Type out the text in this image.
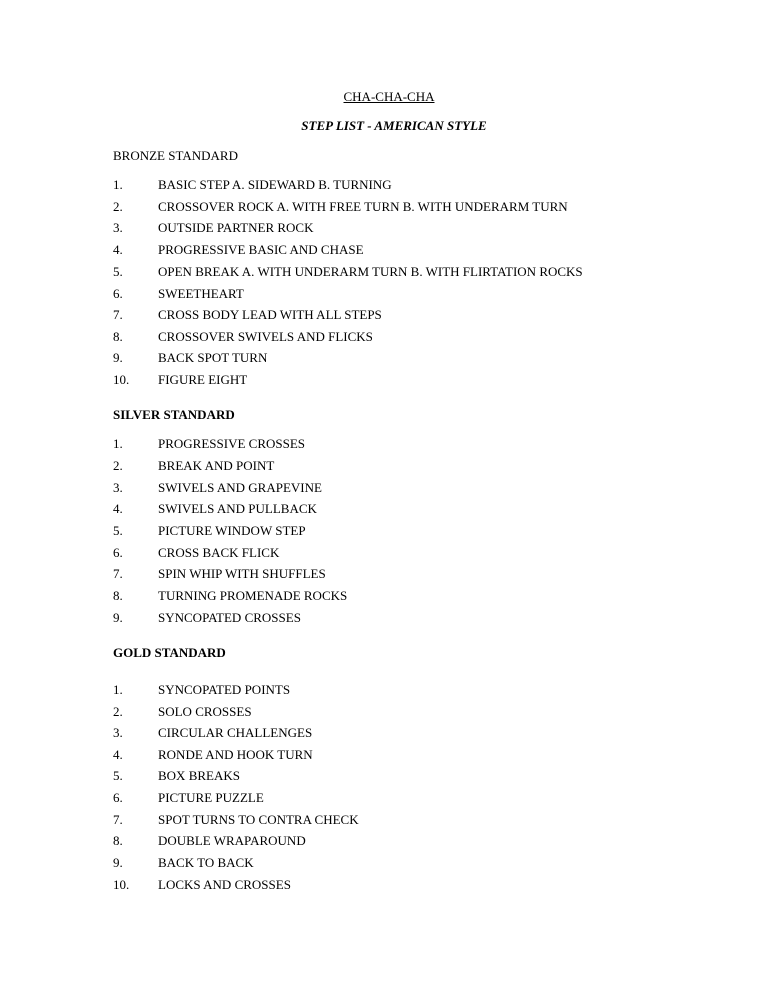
CHA-CHA-CHA
STEP LIST - AMERICAN STYLE
BRONZE STANDARD
1.	BASIC STEP A. SIDEWARD B. TURNING
2.	CROSSOVER ROCK A. WITH FREE TURN B. WITH UNDERARM TURN
3.	OUTSIDE PARTNER ROCK
4.	PROGRESSIVE BASIC AND CHASE
5.	OPEN BREAK A. WITH UNDERARM TURN B. WITH FLIRTATION ROCKS
6.	SWEETHEART
7.	CROSS BODY LEAD WITH ALL STEPS
8.	CROSSOVER SWIVELS AND FLICKS
9.	BACK SPOT TURN
10. FIGURE EIGHT
SILVER STANDARD
1.	PROGRESSIVE CROSSES
2.	BREAK AND POINT
3.	SWIVELS AND GRAPEVINE
4.	SWIVELS AND PULLBACK
5.	PICTURE WINDOW STEP
6.	CROSS BACK FLICK
7.	SPIN WHIP WITH SHUFFLES
8.	TURNING PROMENADE ROCKS
9.	SYNCOPATED CROSSES
GOLD STANDARD
1.	SYNCOPATED POINTS
2.	SOLO CROSSES
3.	CIRCULAR CHALLENGES
4.	RONDE AND HOOK TURN
5.	BOX BREAKS
6.	PICTURE PUZZLE
7.	SPOT TURNS TO CONTRA CHECK
8.	DOUBLE WRAPAROUND
9.	BACK TO BACK
10. LOCKS AND CROSSES
